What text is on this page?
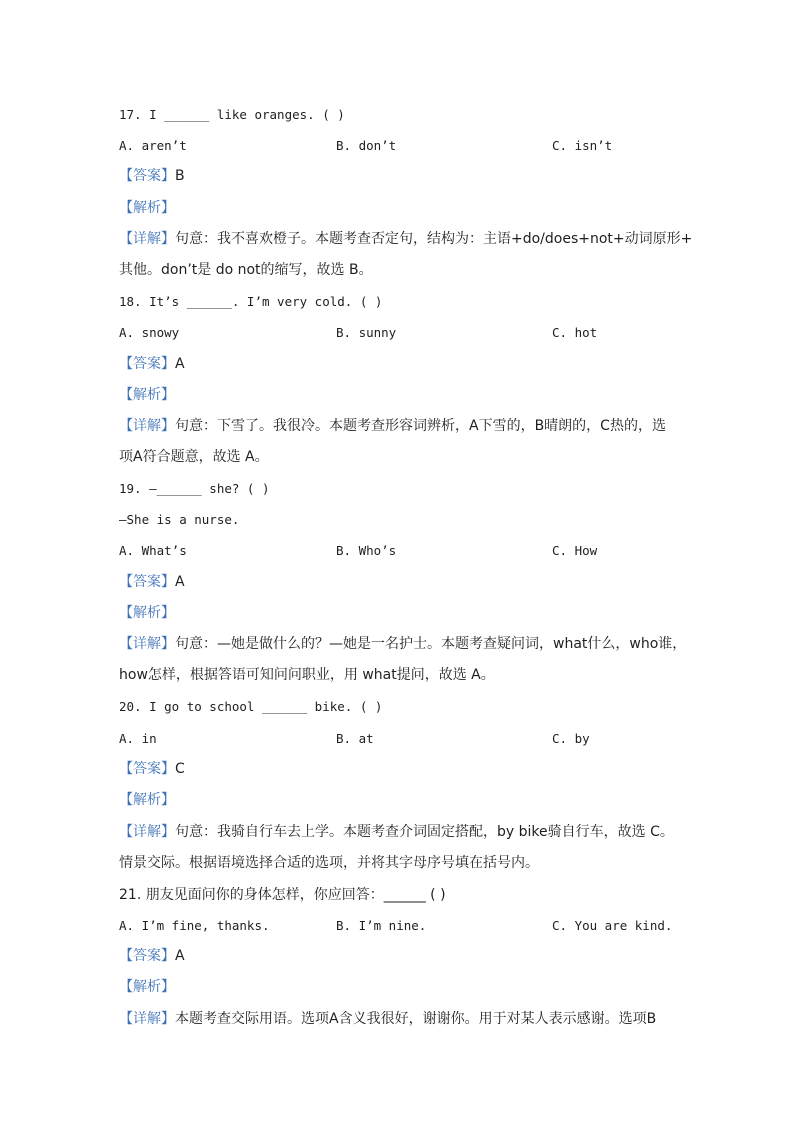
17. I ______ like oranges. ( )
A. aren’t	B. don’t	C. isn’t
【答案】B
【解析】
【详解】句意：我不喜欢橙子。本题考查否定句，结构为：主语+do/does+not+动词原形+
其他。don’t是 do not的缩写，故选 B。
18. It’s ______. I’m very cold. ( )
A. snowy	B. sunny	C. hot
【答案】A
【解析】
【详解】句意：下雪了。我很冷。本题考查形容词辨析，A下雪的，B晴朗的，C热的，选
项A符合题意，故选 A。
19. —______ she? ( )
—She is a nurse.
A. What’s	B. Who’s	C. How
【答案】A
【解析】
【详解】句意：—她是做什么的？—她是一名护士。本题考查疑问词，what什么，who谁，
how怎样，根据答语可知问问职业，用 what提问，故选 A。
20. I go to school ______ bike. ( )
A. in	B. at	C. by
【答案】C
【解析】
【详解】句意：我骑自行车去上学。本题考查介词固定搭配，by bike骑自行车，故选 C。
情景交际。根据语境选择合适的选项，并将其字母序号填在括号内。
21. 朋友见面问你的身体怎样，你应回答：______ ( )
A. I’m fine, thanks.	B. I’m nine.	C. You are kind.
【答案】A
【解析】
【详解】本题考查交际用语。选项A含义我很好，谢谢你。用于对某人表示感谢。选项B
